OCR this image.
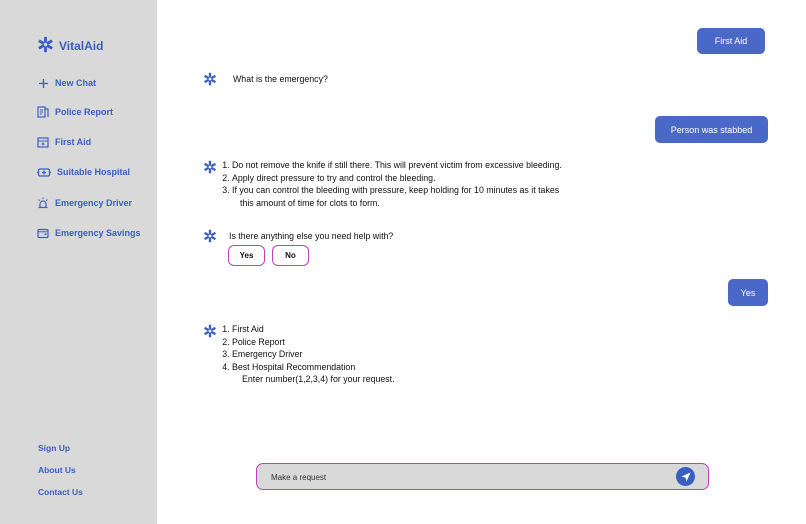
VitalAid
New Chat
Police Report
First Aid
Suitable Hospital
Emergency Driver
Emergency Savings
Sign Up
About Us
Contact Us
First Aid
What is the emergency?
Person was stabbed
1. Do not remove the knife if still there. This will prevent victim from excessive bleeding.
2. Apply direct pressure to try and control the bleeding.
3. If you can control the bleeding with pressure, keep holding for 10 minutes as it takes
this amount of time for clots to form.
Is there anything else you need help with?
Yes	No
Yes
1. First Aid
2. Police Report
3. Emergency Driver
4. Best Hospital Recommendation
Enter number(1,2,3,4) for your request.
Make a request
